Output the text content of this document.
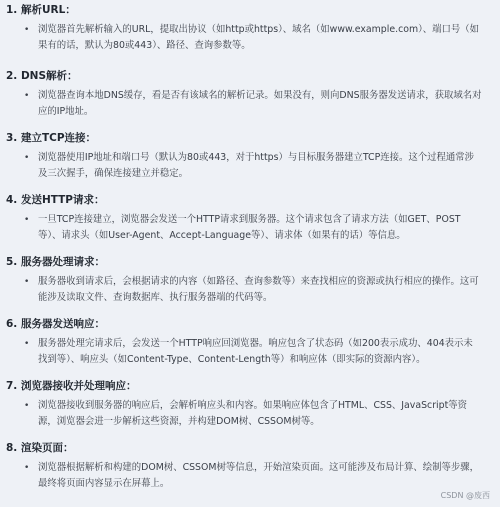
1. 解析URL：
• 浏览器首先解析输入的URL，提取出协议（如http或https）、域名（如www.example.com）、端口号（如果有的话，默认为80或443）、路径、查询参数等。
2. DNS解析：
• 浏览器查询本地DNS缓存，看是否有该域名的解析记录。如果没有，则向DNS服务器发送请求，获取域名对应的IP地址。
3. 建立TCP连接：
• 浏览器使用IP地址和端口号（默认为80或443，对于https）与目标服务器建立TCP连接。这个过程通常涉及三次握手，确保连接建立并稳定。
4. 发送HTTP请求：
• 一旦TCP连接建立，浏览器会发送一个HTTP请求到服务器。这个请求包含了请求方法（如GET、POST等）、请求头（如User-Agent、Accept-Language等）、请求体（如果有的话）等信息。
5. 服务器处理请求：
• 服务器收到请求后，会根据请求的内容（如路径、查询参数等）来查找相应的资源或执行相应的操作。这可能涉及读取文件、查询数据库、执行服务器端的代码等。
6. 服务器发送响应：
• 服务器处理完请求后，会发送一个HTTP响应回浏览器。响应包含了状态码（如200表示成功、404表示未找到等）、响应头（如Content-Type、Content-Length等）和响应体（即实际的资源内容）。
7. 浏览器接收并处理响应：
• 浏览器接收到服务器的响应后，会解析响应头和内容。如果响应体包含了HTML、CSS、JavaScript等资源，浏览器会进一步解析这些资源，并构建DOM树、CSSOM树等。
8. 渲染页面：
• 浏览器根据解析和构建的DOM树、CSSOM树等信息，开始渲染页面。这可能涉及布局计算、绘制等步骤，最终将页面内容显示在屏幕上。
CSDN @废西
